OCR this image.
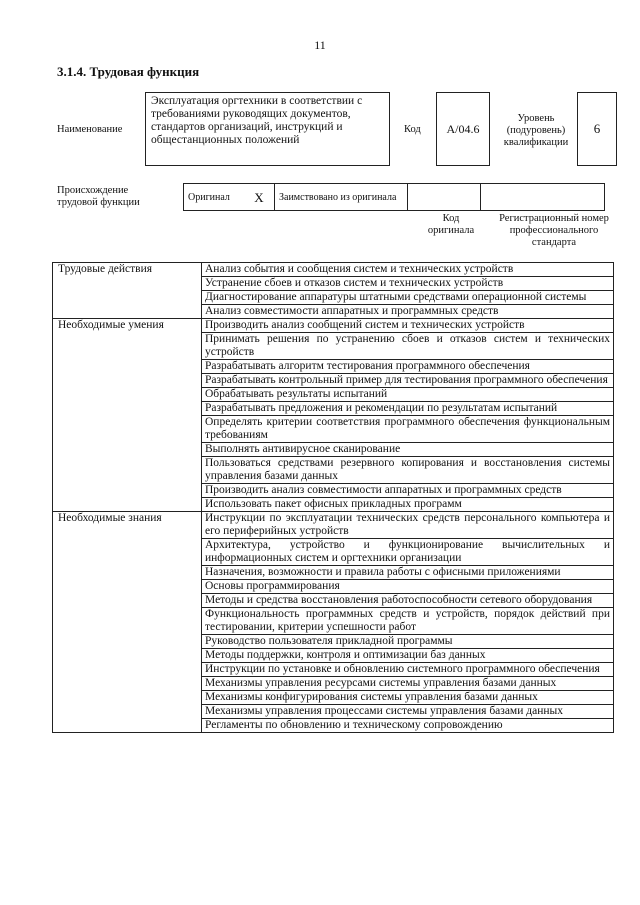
11
3.1.4. Трудовая функция
Наименование
Эксплуатация оргтехники в соответствии с требованиями руководящих документов, стандартов организаций, инструкций и общестанционных положений
Код A/04.6
Уровень (подуровень) квалификации
6
Происхождение трудовой функции	Оригинал	X	Заимствовано из оригинала		
Код оригинала
Регистрационный номер профессионального стандарта
Трудовые действия	Анализ события и сообщения систем и технических устройств
	Устранение сбоев и отказов систем и технических устройств
	Диагностирование аппаратуры штатными средствами операционной системы
	Анализ совместимости аппаратных и программных средств
Необходимые умения	Производить анализ сообщений систем и технических устройств
	Принимать решения по устранению сбоев и отказов систем и технических устройств
	Разрабатывать алгоритм тестирования программного обеспечения
	Разрабатывать контрольный пример для тестирования программного обеспечения
	Обрабатывать результаты испытаний
	Разрабатывать предложения и рекомендации по результатам испытаний
	Определять критерии соответствия программного обеспечения функциональным требованиям
	Выполнять антивирусное сканирование
	Пользоваться средствами резервного копирования и восстановления системы управления базами данных
	Производить анализ совместимости аппаратных и программных средств
	Использовать пакет офисных прикладных программ
Необходимые знания	Инструкции по эксплуатации технических средств персонального компьютера и его периферийных устройств
	Архитектура, устройство и функционирование вычислительных и информационных систем и оргтехники организации
	Назначения, возможности и правила работы с офисными приложениями
	Основы программирования
	Методы и средства восстановления работоспособности сетевого оборудования
	Функциональность программных средств и устройств, порядок действий при тестировании, критерии успешности работ
	Руководство пользователя прикладной программы
	Методы поддержки, контроля и оптимизации баз данных
	Инструкции по установке и обновлению системного программного обеспечения
	Механизмы управления ресурсами системы управления базами данных
	Механизмы конфигурирования системы управления базами данных
	Механизмы управления процессами системы управления базами данных
	Регламенты по обновлению и техническому сопровождению
